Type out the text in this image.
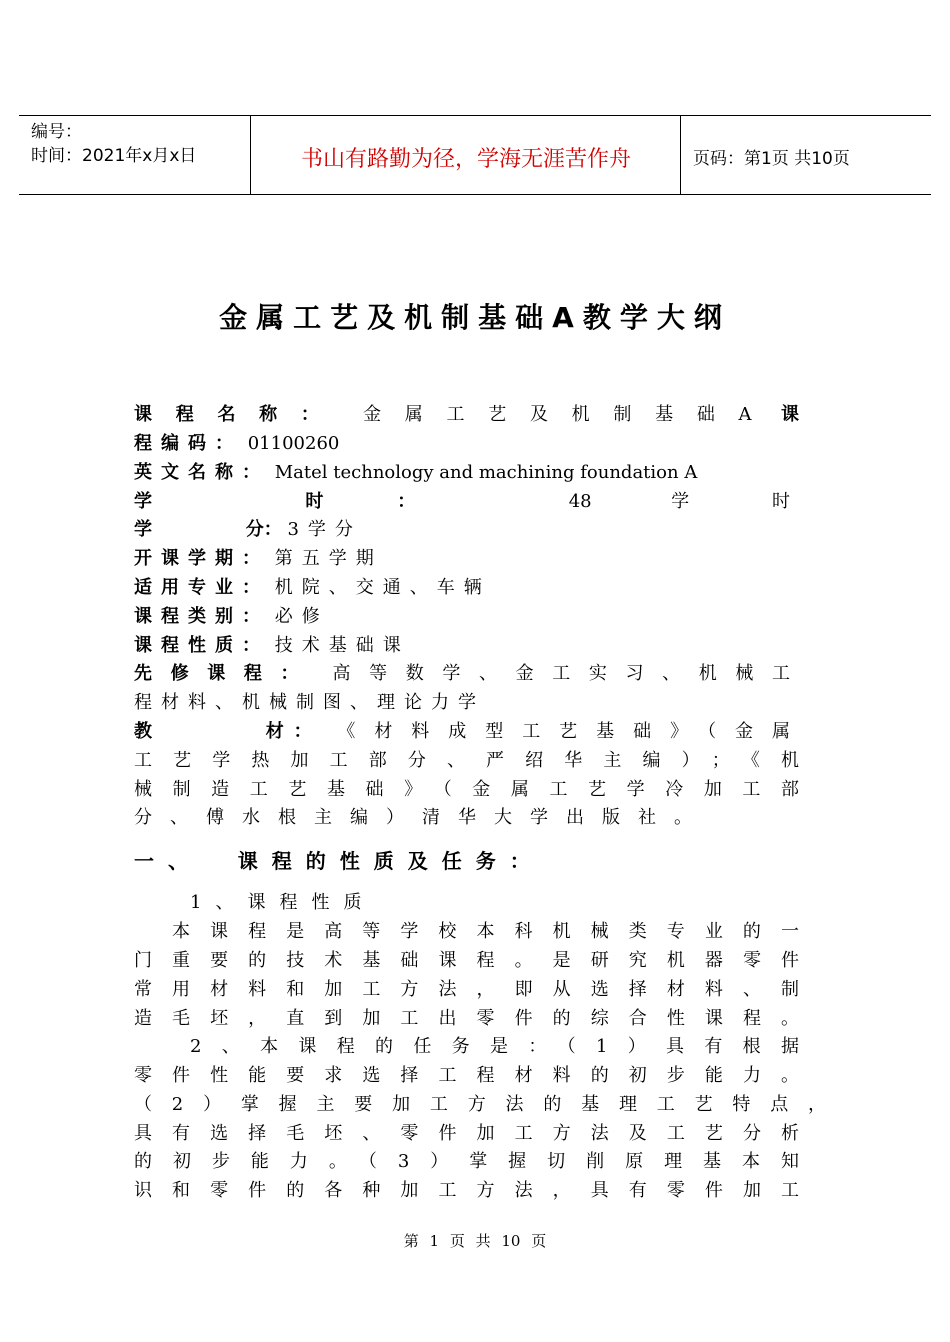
编号：
时间：2021年x月x日	书山有路勤为径，学海无涯苦作舟	页码：第1页 共10页
金属工艺及机制基础A教学大纲
课程名称： 金属工艺及机制基础A 课
程编码： 01100260
英文名称： Matel technology and machining foundation A
学	时：	48	学时
学	分： 3学分
开课学期： 第五学期
适用专业： 机院、交通、车辆
课程类别： 必修
课程性质： 技术基础课
先修课程： 高等数学、金工实习、机械工
程材料、机械制图、理论力学
教	材： 《材料成型工艺基础》（金属
工艺学热加工部分、严绍华主编）；《机
械制造工艺基础》（金属工艺学冷加工部
分、傅水根主编）清华大学出版社。
一、 课程的性质及任务：
1、课程性质
本课程是高等学校本科机械类专业的一
门重要的技术基础课程。是研究机器零件
常用材料和加工方法，即从选择材料、制
造毛坯，直到加工出零件的综合性课程。
2、本课程的任务是：（1）具有根据
零件性能要求选择工程材料的初步能力。
（2）掌握主要加工方法的基理工艺特点，
具有选择毛坯、零件加工方法及工艺分析
的初步能力。（3）掌握切削原理基本知
识和零件的各种加工方法，具有零件加工
第 1 页 共 10 页
